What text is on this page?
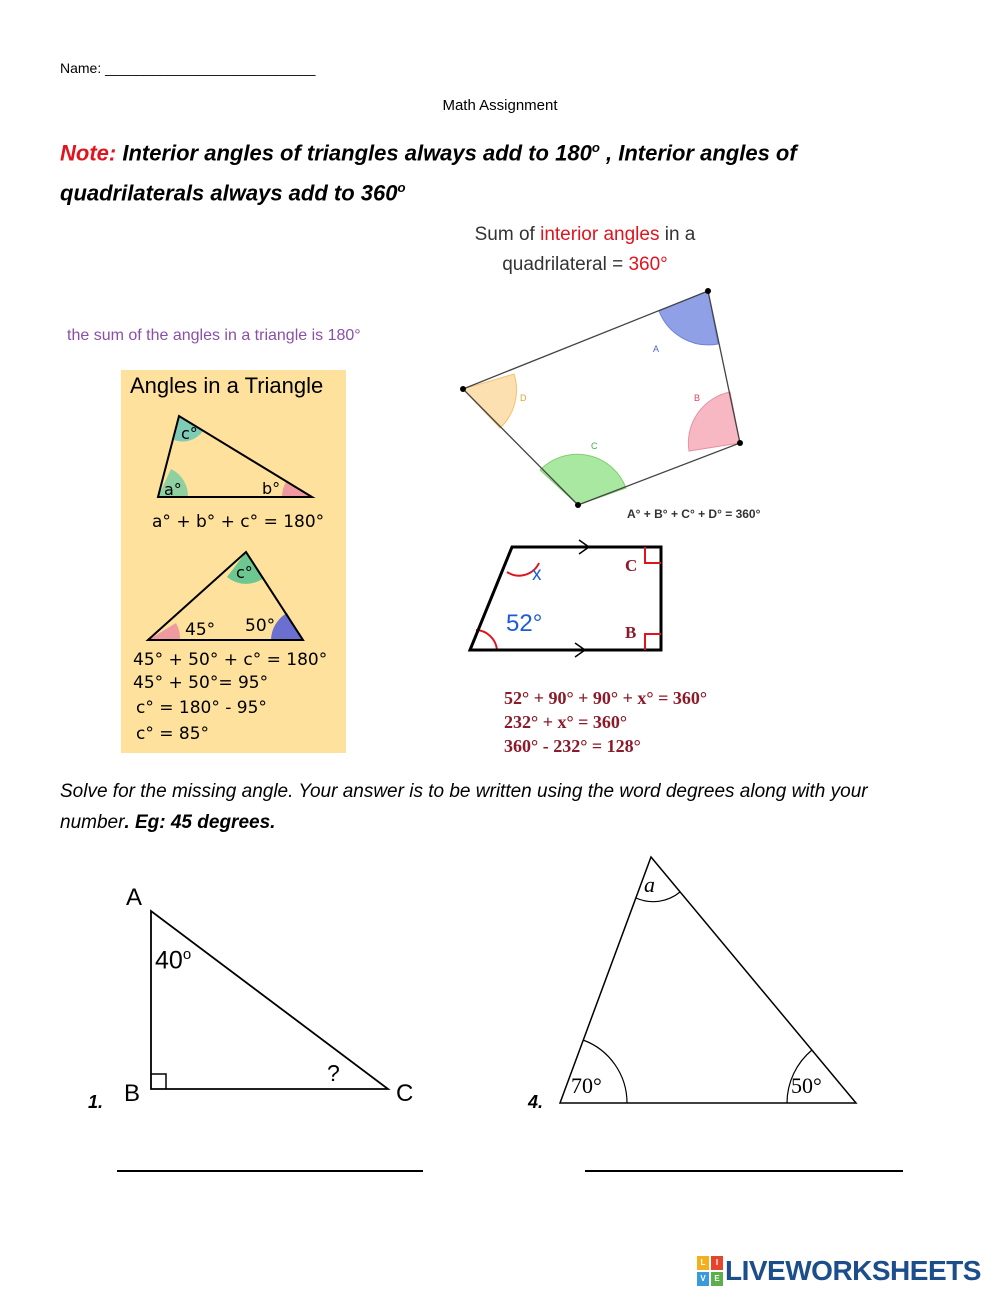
Name: ___________________________
Math Assignment
Note: Interior angles of triangles always add to 180$^o$ , Interior angles of quadrilaterals always add to 360$^o$
the sum of the angles in a triangle is 180°
Angles in a Triangle
c°
a°	b°
a° + b° + c° = 180°
c°
45° 50°
45° + 50° + c° = 180°
45° + 50°= 95°
c° = 180° - 95°
c° = 85°
Sum of interior angles in a
quadrilateral = 360°
A
B
C
D
A° + B° + C° + D° = 360°
x
52°
C
B
52° + 90° + 90° + x° = 360°
232° + x° = 360°
360° - 232° = 128°
Solve for the missing angle. Your answer is to be written using the word degrees along with your number. Eg: 45 degrees.
A
40$^o$
?
B	C
1.
a
70°	50°
4.
L	I
V	E LIVEWORKSHEETS
